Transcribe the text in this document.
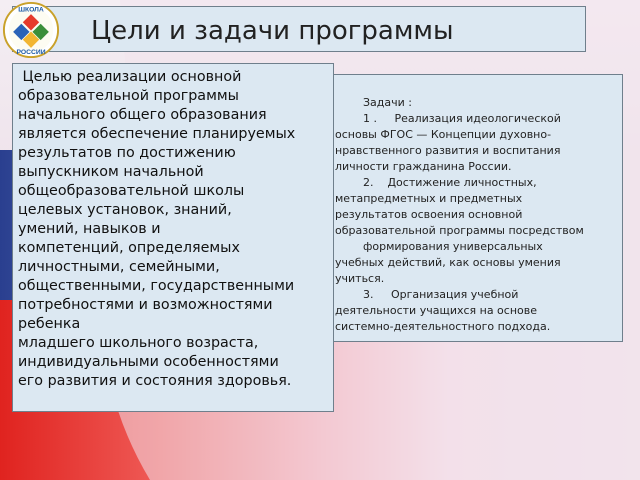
Цели и задачи программы
ШКОЛА
РОССИИ

Задачи :

1 .     Реализация идеологической

основы ФГОС — Концепции духовно-

нравственного развития и воспитания

личности гражданина России.

2.    Достижение личностных,

метапредметных и предметных

результатов освоения основной

образовательной программы посредством

формирования универсальных

учебных действий, как основы умения

учиться.

3.     Организация учебной

деятельности учащихся на основе

системно-деятельностного подхода.

Целью реализации основной
образовательной программы
начального общего образования
является обеспечение планируемых
результатов по достижению
выпускником начальной
общеобразовательной школы
целевых установок, знаний,
умений, навыков и
компетенций, определяемых
личностными, семейными,
общественными, государственными
потребностями и возможностями
ребенка
младшего школьного возраста,
индивидуальными особенностями
его развития и состояния здоровья.
